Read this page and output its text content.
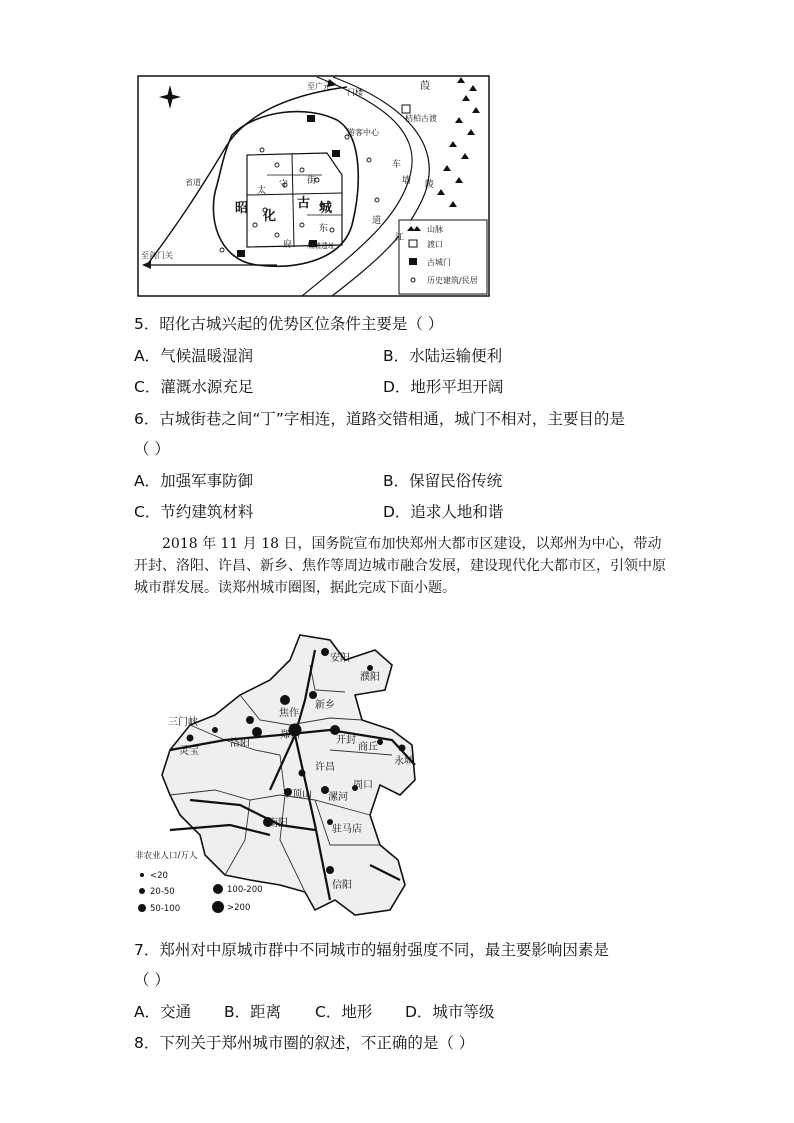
山脉
渡口
古城门
历史建筑/民居
至广元
门楼
葭
桔柏古渡
游客中心
省道
至剑门关
城墙遗址
昭
化
古 城
太
守 街
府
东
车
陵
墙
江
道
5．昭化古城兴起的优势区位条件主要是（ ）
A．气候温暖湿润	B．水陆运输便利
C．灌溉水源充足	D．地形平坦开阔
6．古城街巷之间“丁”字相连，道路交错相通，城门不相对，主要目的是
（ ）
A．加强军事防御	B．保留民俗传统
C．节约建筑材料	D．追求人地和谐
2018 年 11 月 18 日，国务院宣布加快郑州大都市区建设，以郑州为中心，带动开封、洛阳、许昌、新乡、焦作等周边城市融合发展，建设现代化大都市区，引领中原城市群发展。读郑州城市圈图，据此完成下面小题。
安阳
濮阳
新乡
焦作
三门峡
洛阳
郑州	开封
商丘
灵宝
许昌
永城
周口
平顶山 漯河
南阳
驻马店
信阳
非农业人口/万人
<20
20-50
50-100
100-200
>200
7．郑州对中原城市群中不同城市的辐射强度不同，最主要影响因素是
（ ）
A．交通 B．距离 C．地形 D．城市等级
8．下列关于郑州城市圈的叙述，不正确的是（ ）
